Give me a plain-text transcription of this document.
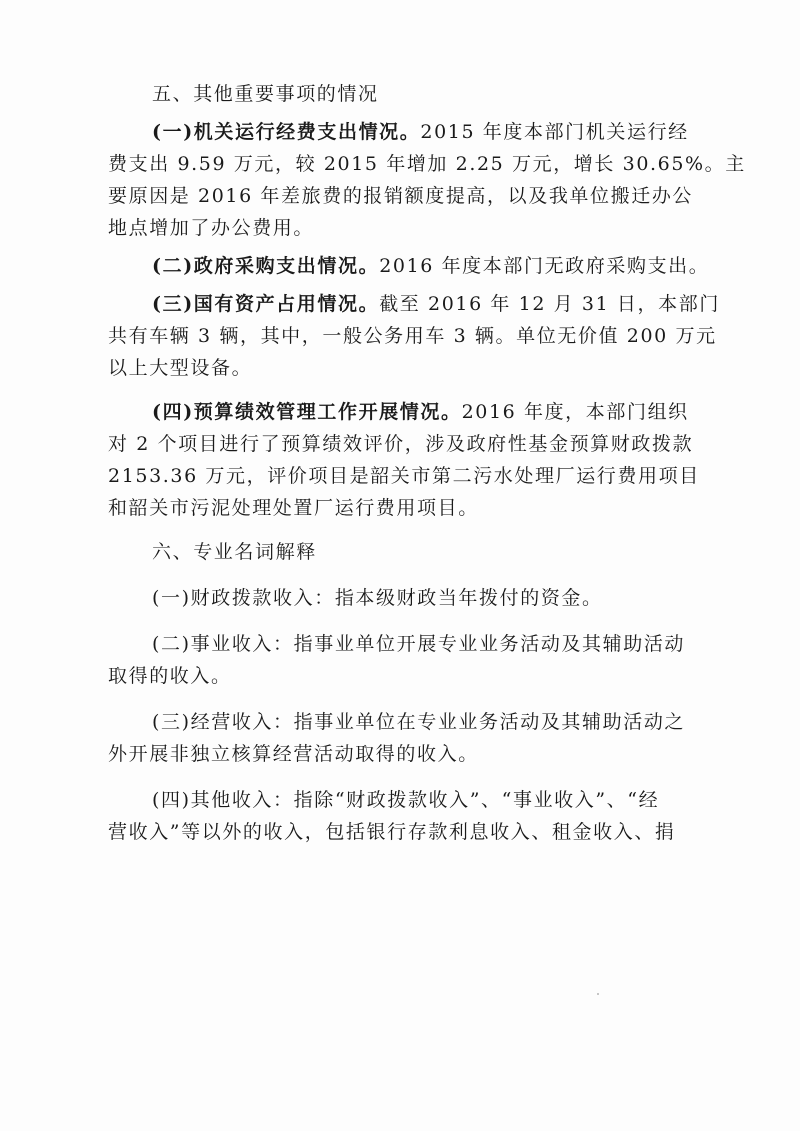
五、其他重要事项的情况
(一)机关运行经费支出情况。2015 年度本部门机关运行经
费支出 9.59 万元，较 2015 年增加 2.25 万元，增长 30.65%。主
要原因是 2016 年差旅费的报销额度提高，以及我单位搬迁办公
地点增加了办公费用。
(二)政府采购支出情况。2016 年度本部门无政府采购支出。
(三)国有资产占用情况。截至 2016 年 12 月 31 日，本部门
共有车辆 3 辆，其中，一般公务用车 3 辆。单位无价值 200 万元
以上大型设备。
(四)预算绩效管理工作开展情况。2016 年度，本部门组织
对 2 个项目进行了预算绩效评价，涉及政府性基金预算财政拨款
2153.36 万元，评价项目是韶关市第二污水处理厂运行费用项目
和韶关市污泥处理处置厂运行费用项目。
六、专业名词解释
(一)财政拨款收入：指本级财政当年拨付的资金。
(二)事业收入：指事业单位开展专业业务活动及其辅助活动
取得的收入。
(三)经营收入：指事业单位在专业业务活动及其辅助活动之
外开展非独立核算经营活动取得的收入。
(四)其他收入：指除“财政拨款收入”、“事业收入”、“经
营收入”等以外的收入，包括银行存款利息收入、租金收入、捐
